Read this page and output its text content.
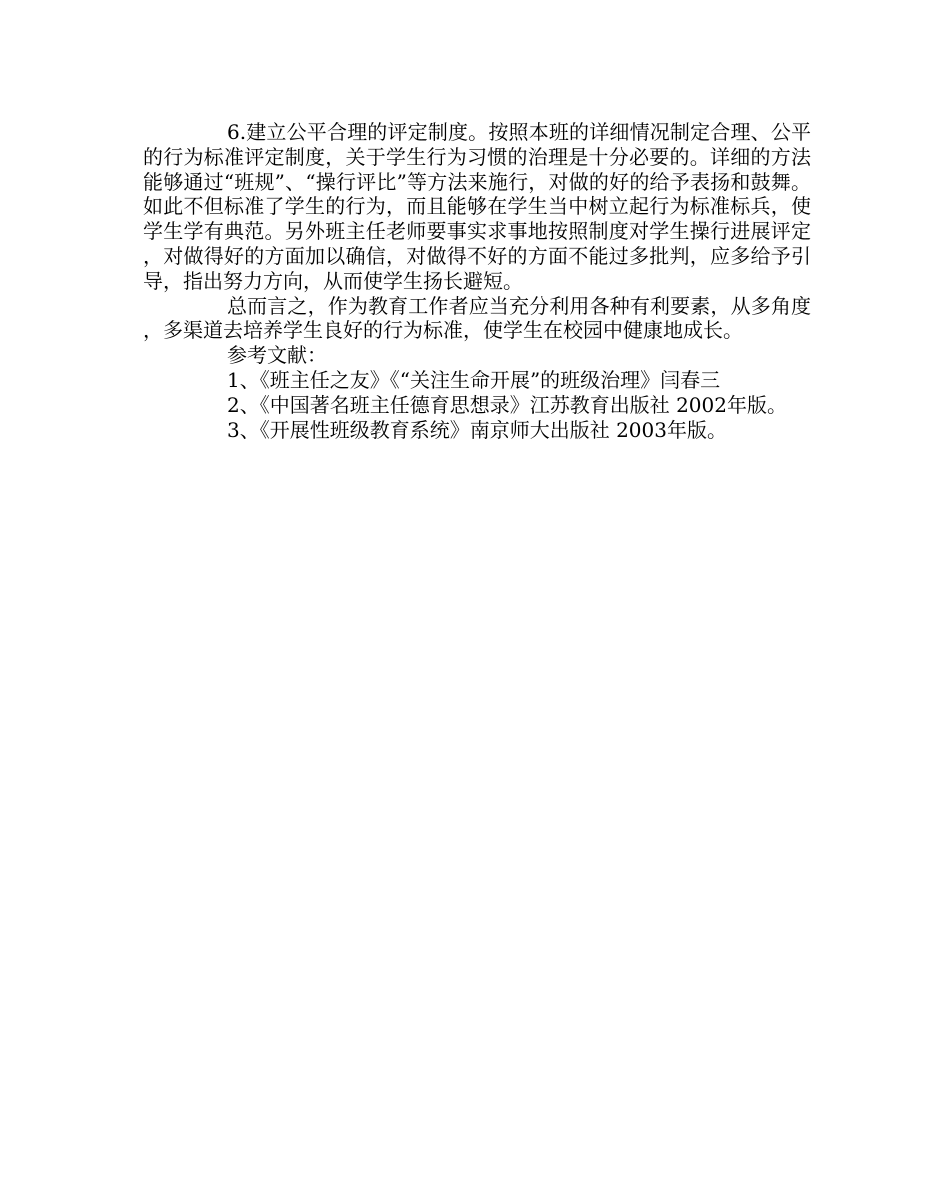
6.建立公平合理的评定制度。按照本班的详细情况制定合理、公平的行为标准评定制度，关于学生行为习惯的治理是十分必要的。详细的方法能够通过“班规”、“操行评比”等方法来施行，对做的好的给予表扬和鼓舞。如此不但标准了学生的行为，而且能够在学生当中树立起行为标准标兵，使学生学有典范。另外班主任老师要事实求事地按照制度对学生操行进展评定，对做得好的方面加以确信，对做得不好的方面不能过多批判，应多给予引导，指出努力方向，从而使学生扬长避短。

总而言之，作为教育工作者应当充分利用各种有利要素，从多角度，多渠道去培养学生良好的行为标准，使学生在校园中健康地成长。

参考文献：

1、《班主任之友》《“关注生命开展”的班级治理》闫春三

2、《中国著名班主任德育思想录》江苏教育出版社 2002年版。

3、《开展性班级教育系统》南京师大出版社 2003年版。
